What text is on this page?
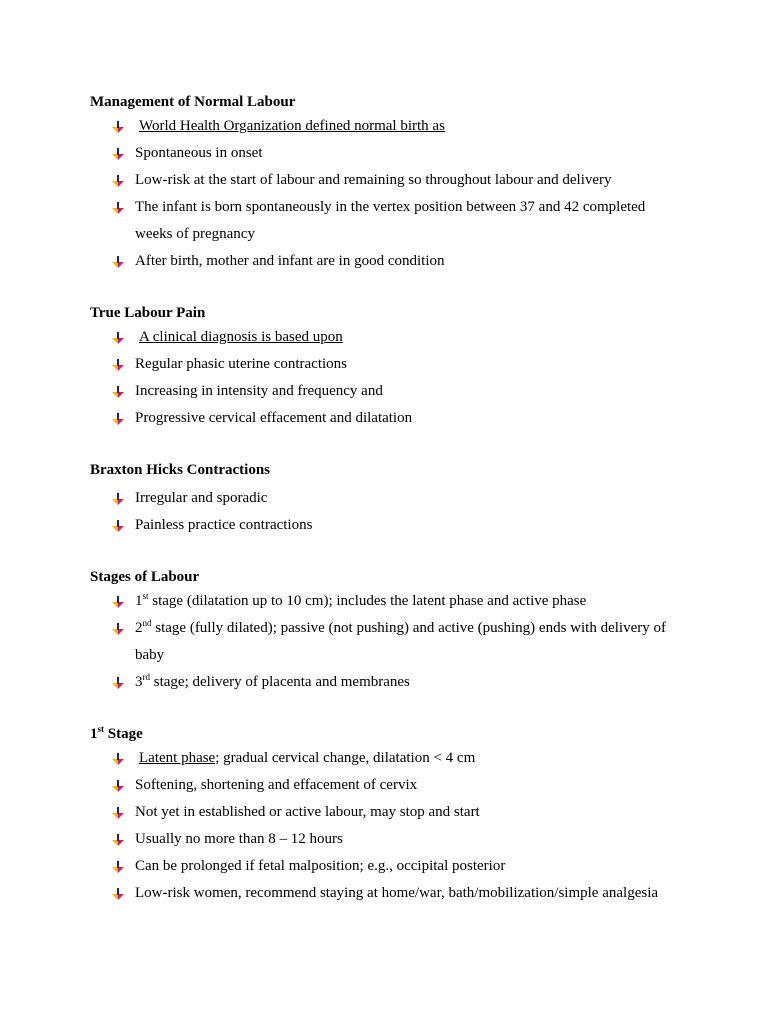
Management of Normal Labour
World Health Organization defined normal birth as
Spontaneous in onset
Low-risk at the start of labour and remaining so throughout labour and delivery
The infant is born spontaneously in the vertex position between 37 and 42 completed weeks of pregnancy
After birth, mother and infant are in good condition
True Labour Pain
A clinical diagnosis is based upon
Regular phasic uterine contractions
Increasing in intensity and frequency and
Progressive cervical effacement and dilatation
Braxton Hicks Contractions
Irregular and sporadic
Painless practice contractions
Stages of Labour
1st stage (dilatation up to 10 cm); includes the latent phase and active phase
2nd stage (fully dilated); passive (not pushing) and active (pushing) ends with delivery of baby
3rd stage; delivery of placenta and membranes
1st Stage
Latent phase; gradual cervical change, dilatation < 4 cm
Softening, shortening and effacement of cervix
Not yet in established or active labour, may stop and start
Usually no more than 8 – 12 hours
Can be prolonged if fetal malposition; e.g., occipital posterior
Low-risk women, recommend staying at home/war, bath/mobilization/simple analgesia
